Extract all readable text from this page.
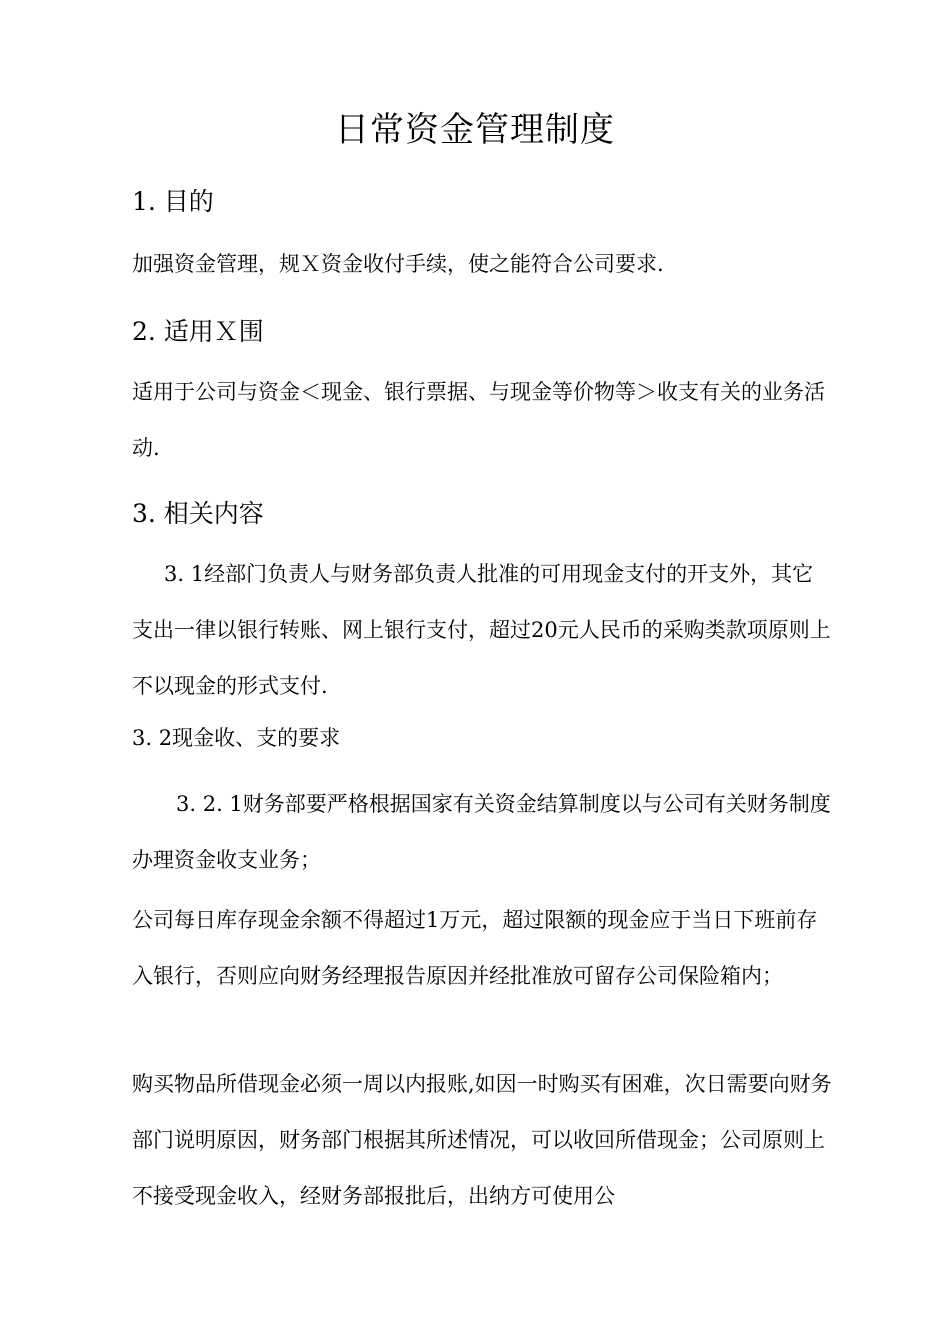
日常资金管理制度
1. 目的

加强资金管理，规Ｘ资金收付手续，使之能符合公司要求.

2. 适用Ｘ围

适用于公司与资金＜现金、银行票据、与现金等价物等＞收支有关的业务活动.

3. 相关内容

3. 1经部门负责人与财务部负责人批准的可用现金支付的开支外，其它支出一律以银行转账、网上银行支付，超过20元人民币的采购类款项原则上不以现金的形式支付.

3. 2现金收、支的要求

3. 2. 1财务部要严格根据国家有关资金结算制度以与公司有关财务制度办理资金收支业务；

公司每日库存现金余额不得超过1万元，超过限额的现金应于当日下班前存入银行，否则应向财务经理报告原因并经批准放可留存公司保险箱内；

购买物品所借现金必须一周以内报账,如因一时购买有困难，次日需要向财务部门说明原因，财务部门根据其所述情况，可以收回所借现金；公司原则上不接受现金收入，经财务部报批后，出纳方可使用公
